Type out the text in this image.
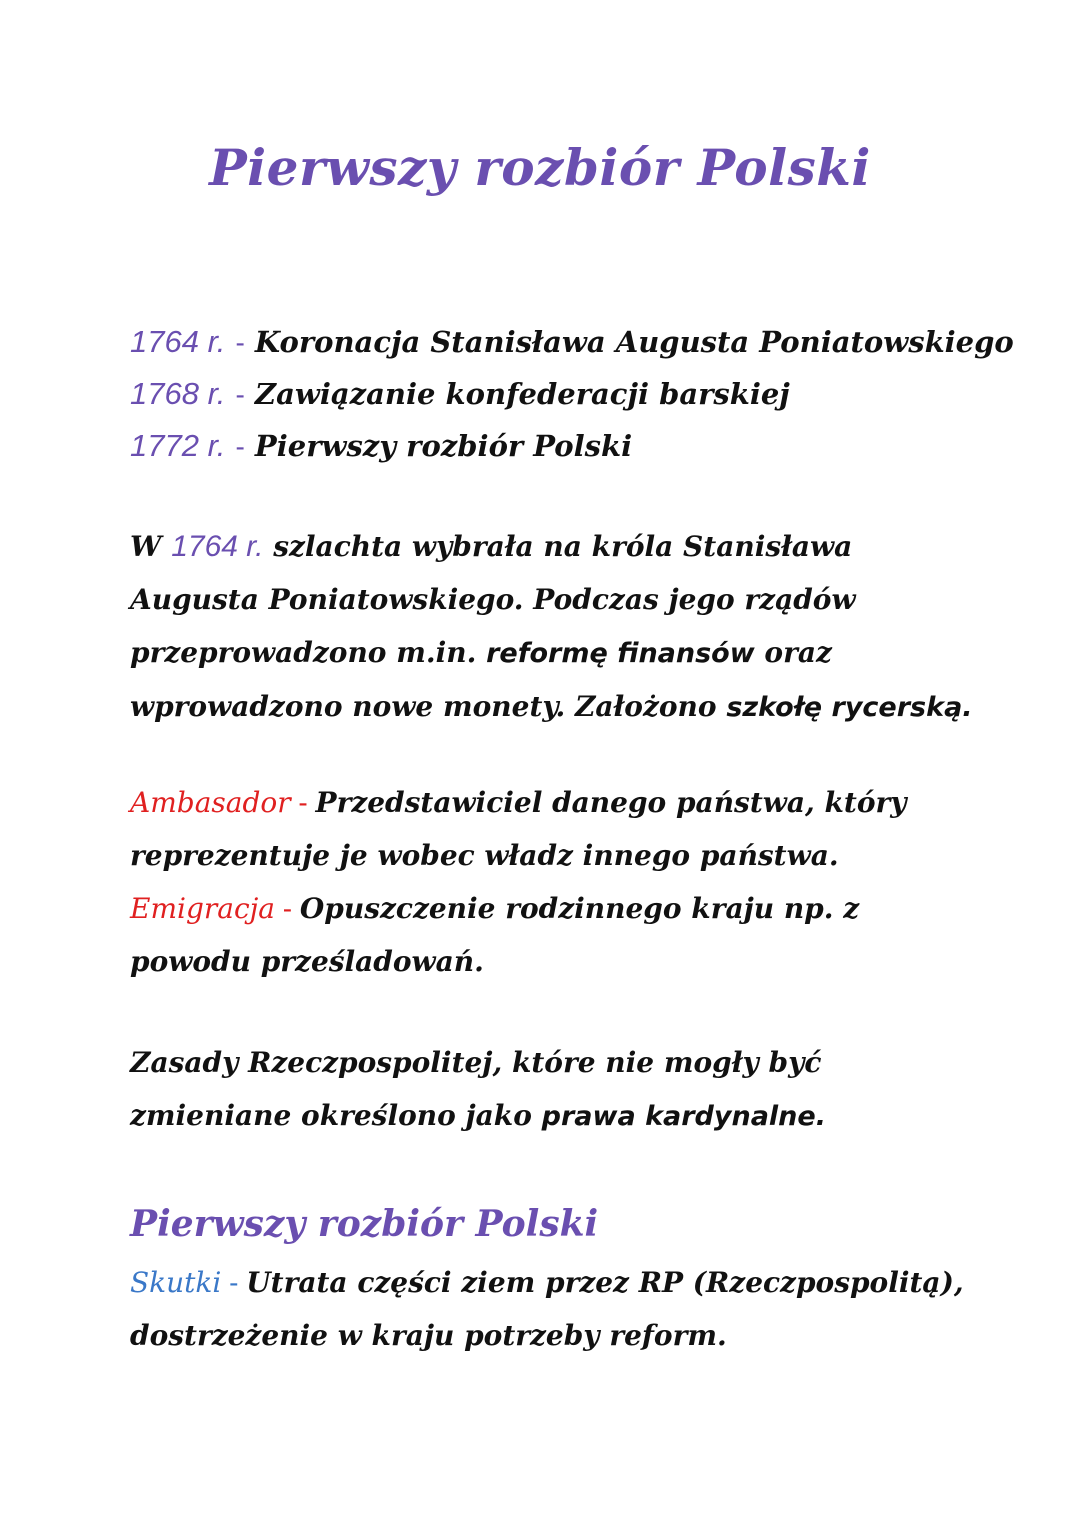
Pierwszy rozbiór Polski
1764 r. - Koronacja Stanisława Augusta Poniatowskiego
1768 r. - Zawiązanie konfederacji barskiej
1772 r. - Pierwszy rozbiór Polski
W 1764 r. szlachta wybrała na króla Stanisława Augusta Poniatowskiego. Podczas jego rządów przeprowadzono m.in. reformę finansów oraz wprowadzono nowe monety. Założono szkołę rycerską.
Ambasador - Przedstawiciel danego państwa, który reprezentuje je wobec władz innego państwa.
Emigracja - Opuszczenie rodzinnego kraju np. z powodu prześladowań.
Zasady Rzeczpospolitej, które nie mogły być zmieniane określono jako prawa kardynalne.
Pierwszy rozbiór Polski
Skutki - Utrata części ziem przez RP (Rzeczpospolitą), dostrzeżenie w kraju potrzeby reform.
